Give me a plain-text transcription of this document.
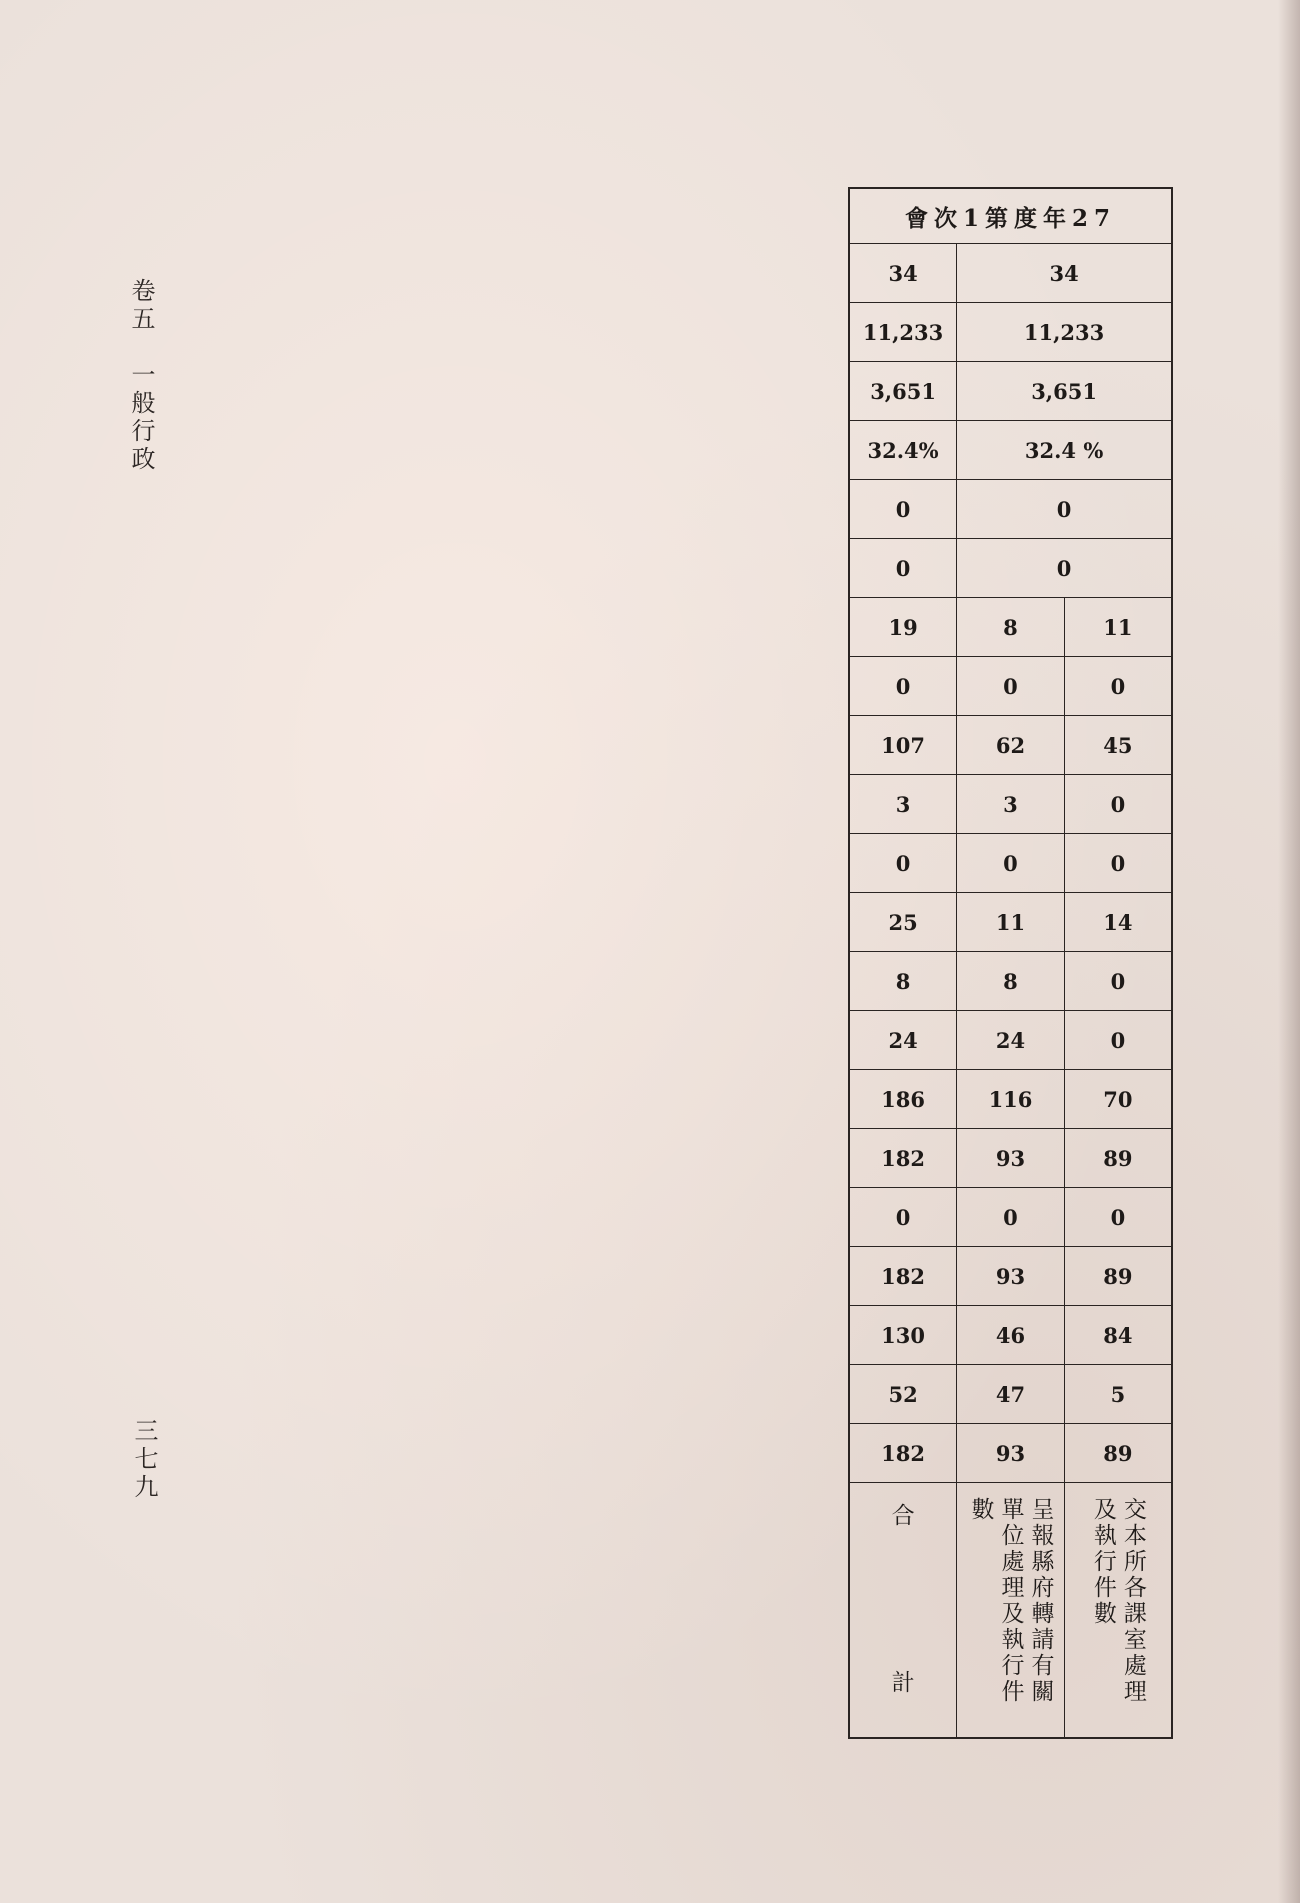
卷五　一般行政
三七九
72年度第1次會		
34	34	
11,233	11,233	
3,651	3,651	
32.4%	32.4 %	
0	0	
0	0	
19	8	11
0	0	0
107	62	45
3	3	0
0	0	0
25	11	14
8	8	0
24	24	0
186	116	70
182	93	89
0	0	0
182	93	89
130	46	84
52	47	5
182	93	89

合
計	呈報縣府轉請有關單位處理及執行件數	交本所各課室處理及執行件數
